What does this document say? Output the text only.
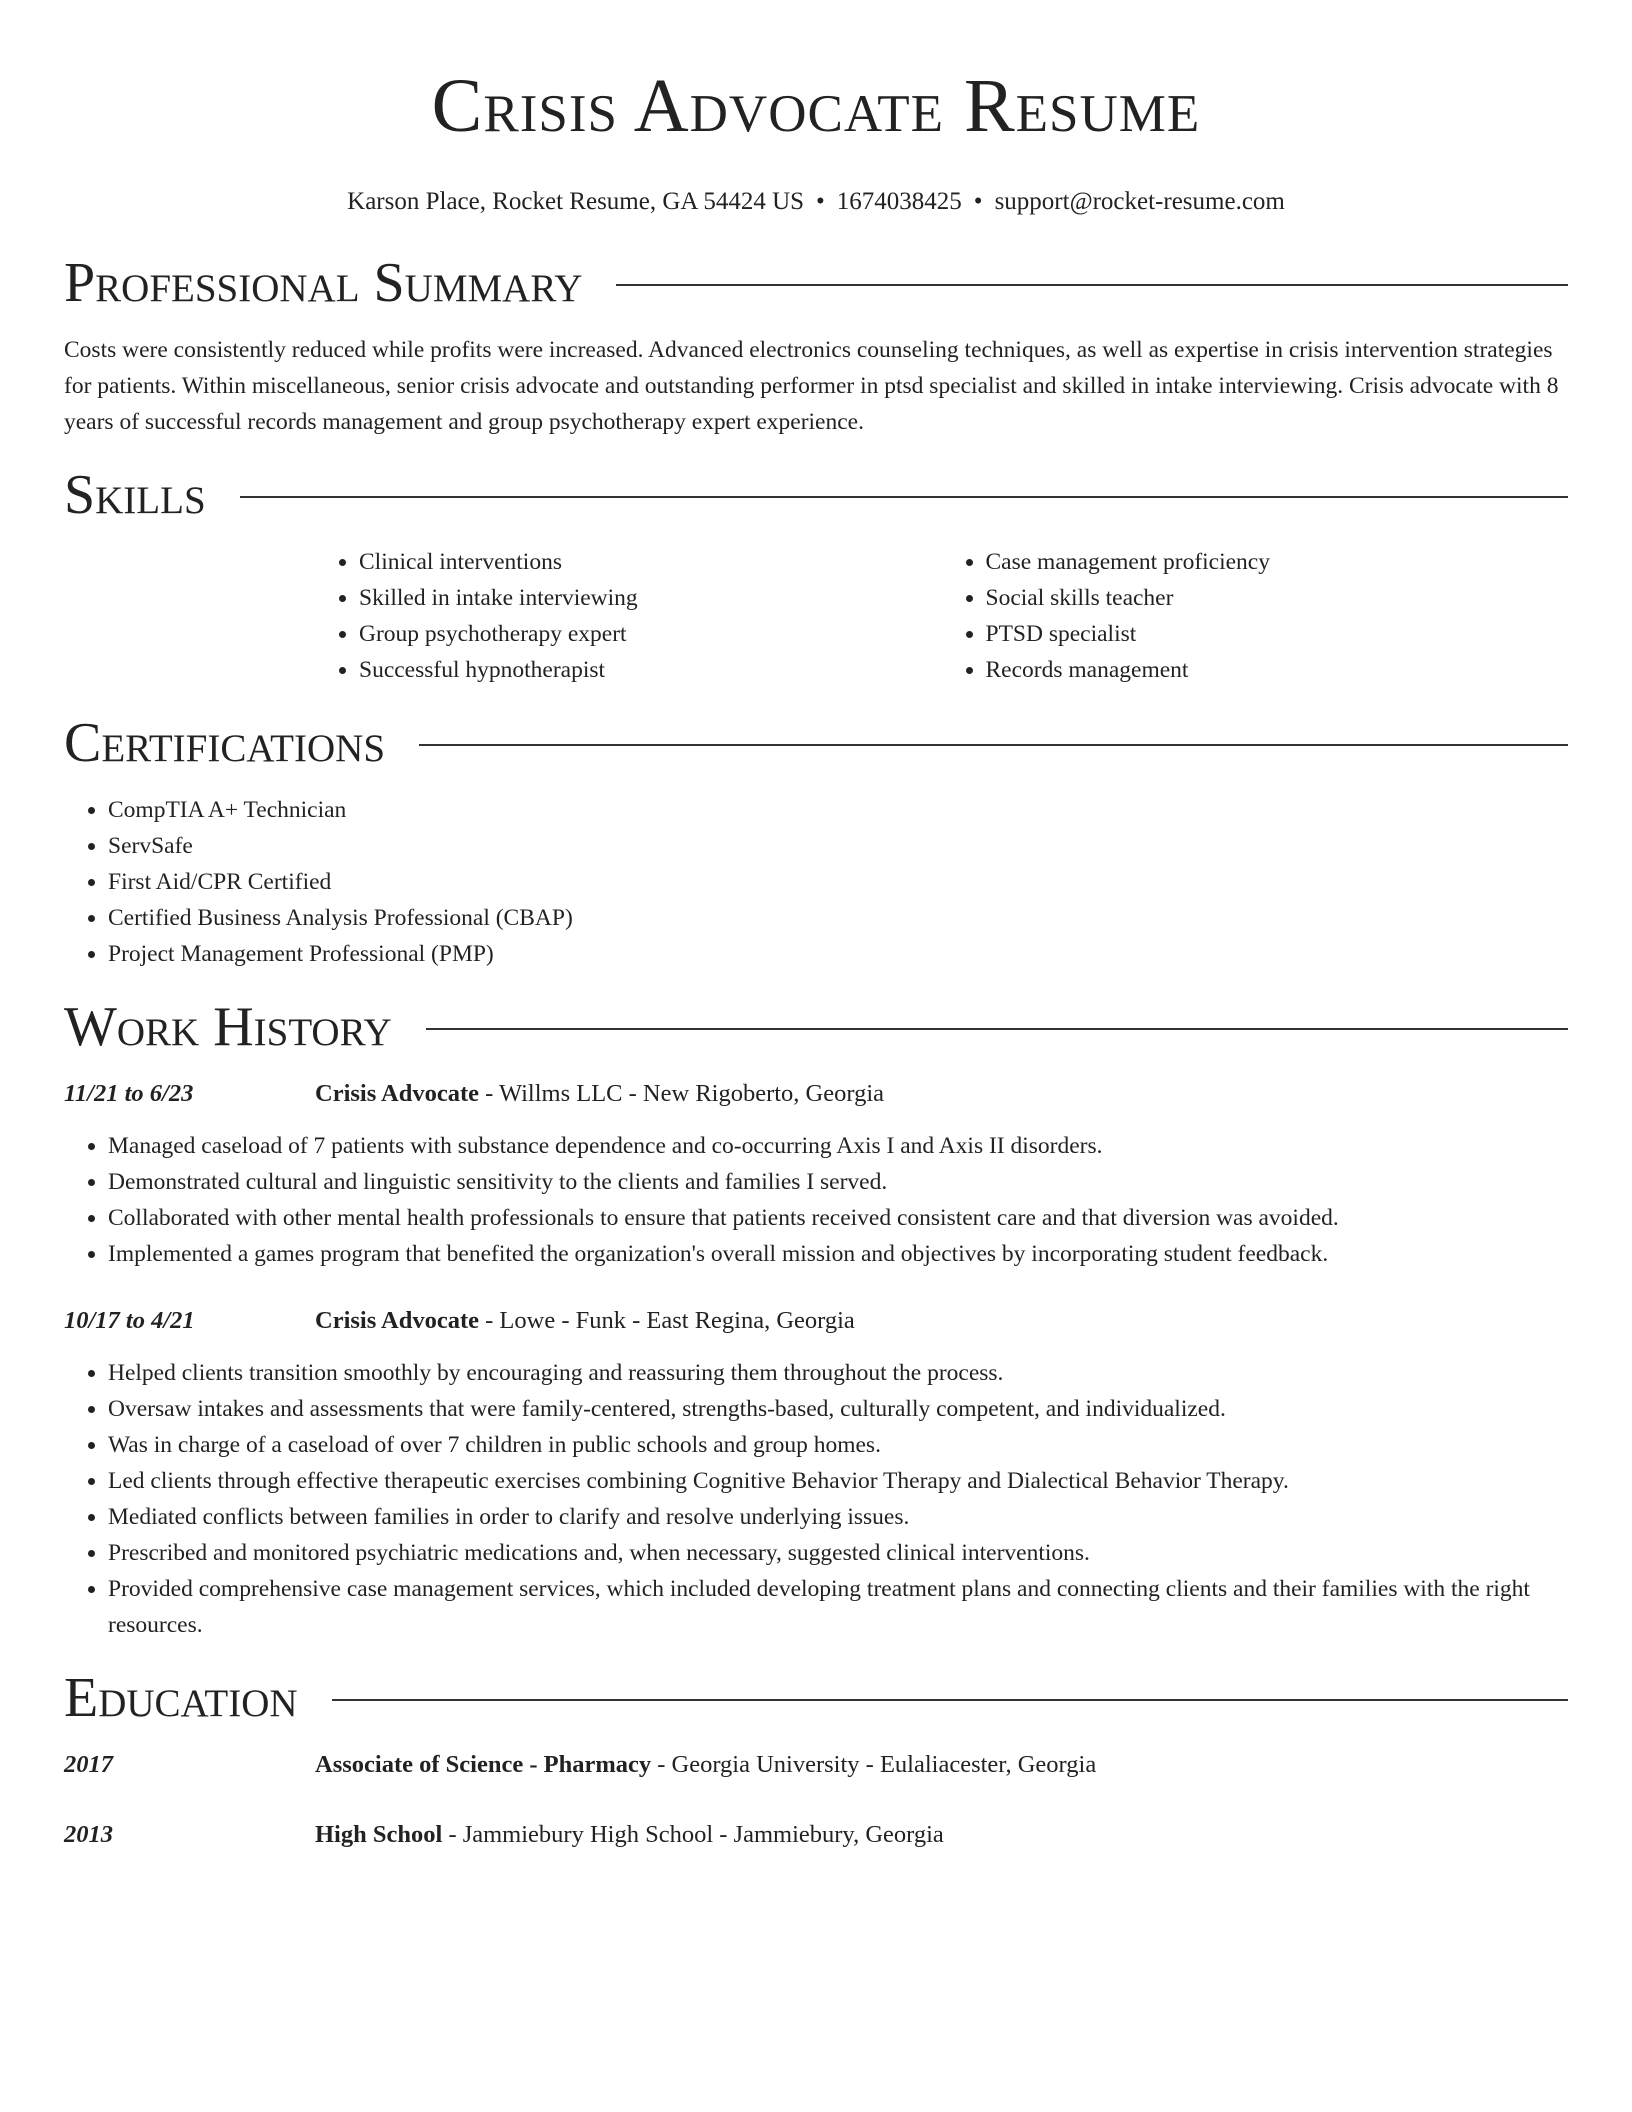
Crisis Advocate Resume
Karson Place, Rocket Resume, GA 54424 US • 1674038425 • support@rocket-resume.com
Professional Summary

Costs were consistently reduced while profits were increased. Advanced electronics counseling techniques, as well as expertise in crisis intervention strategies for patients. Within miscellaneous, senior crisis advocate and outstanding performer in ptsd specialist and skilled in intake interviewing. Crisis advocate with 8 years of successful records management and group psychotherapy expert experience.

Skills
• Clinical interventions
• Skilled in intake interviewing
• Group psychotherapy expert
• Successful hypnotherapist
• Case management proficiency
• Social skills teacher
• PTSD specialist
• Records management
Certifications
• CompTIA A+ Technician
• ServSafe
• First Aid/CPR Certified
• Certified Business Analysis Professional (CBAP)
• Project Management Professional (PMP)
Work History
11/21 to 6/23	Crisis Advocate - Willms LLC - New Rigoberto, Georgia
• Managed caseload of 7 patients with substance dependence and co-occurring Axis I and Axis II disorders.
• Demonstrated cultural and linguistic sensitivity to the clients and families I served.
• Collaborated with other mental health professionals to ensure that patients received consistent care and that diversion was avoided.
• Implemented a games program that benefited the organization's overall mission and objectives by incorporating student feedback.
10/17 to 4/21	Crisis Advocate - Lowe - Funk - East Regina, Georgia
• Helped clients transition smoothly by encouraging and reassuring them throughout the process.
• Oversaw intakes and assessments that were family-centered, strengths-based, culturally competent, and individualized.
• Was in charge of a caseload of over 7 children in public schools and group homes.
• Led clients through effective therapeutic exercises combining Cognitive Behavior Therapy and Dialectical Behavior Therapy.
• Mediated conflicts between families in order to clarify and resolve underlying issues.
• Prescribed and monitored psychiatric medications and, when necessary, suggested clinical interventions.
• Provided comprehensive case management services, which included developing treatment plans and connecting clients and their families with the right resources.
Education
2017	Associate of Science - Pharmacy - Georgia University - Eulaliacester, Georgia
2013	High School - Jammiebury High School - Jammiebury, Georgia
